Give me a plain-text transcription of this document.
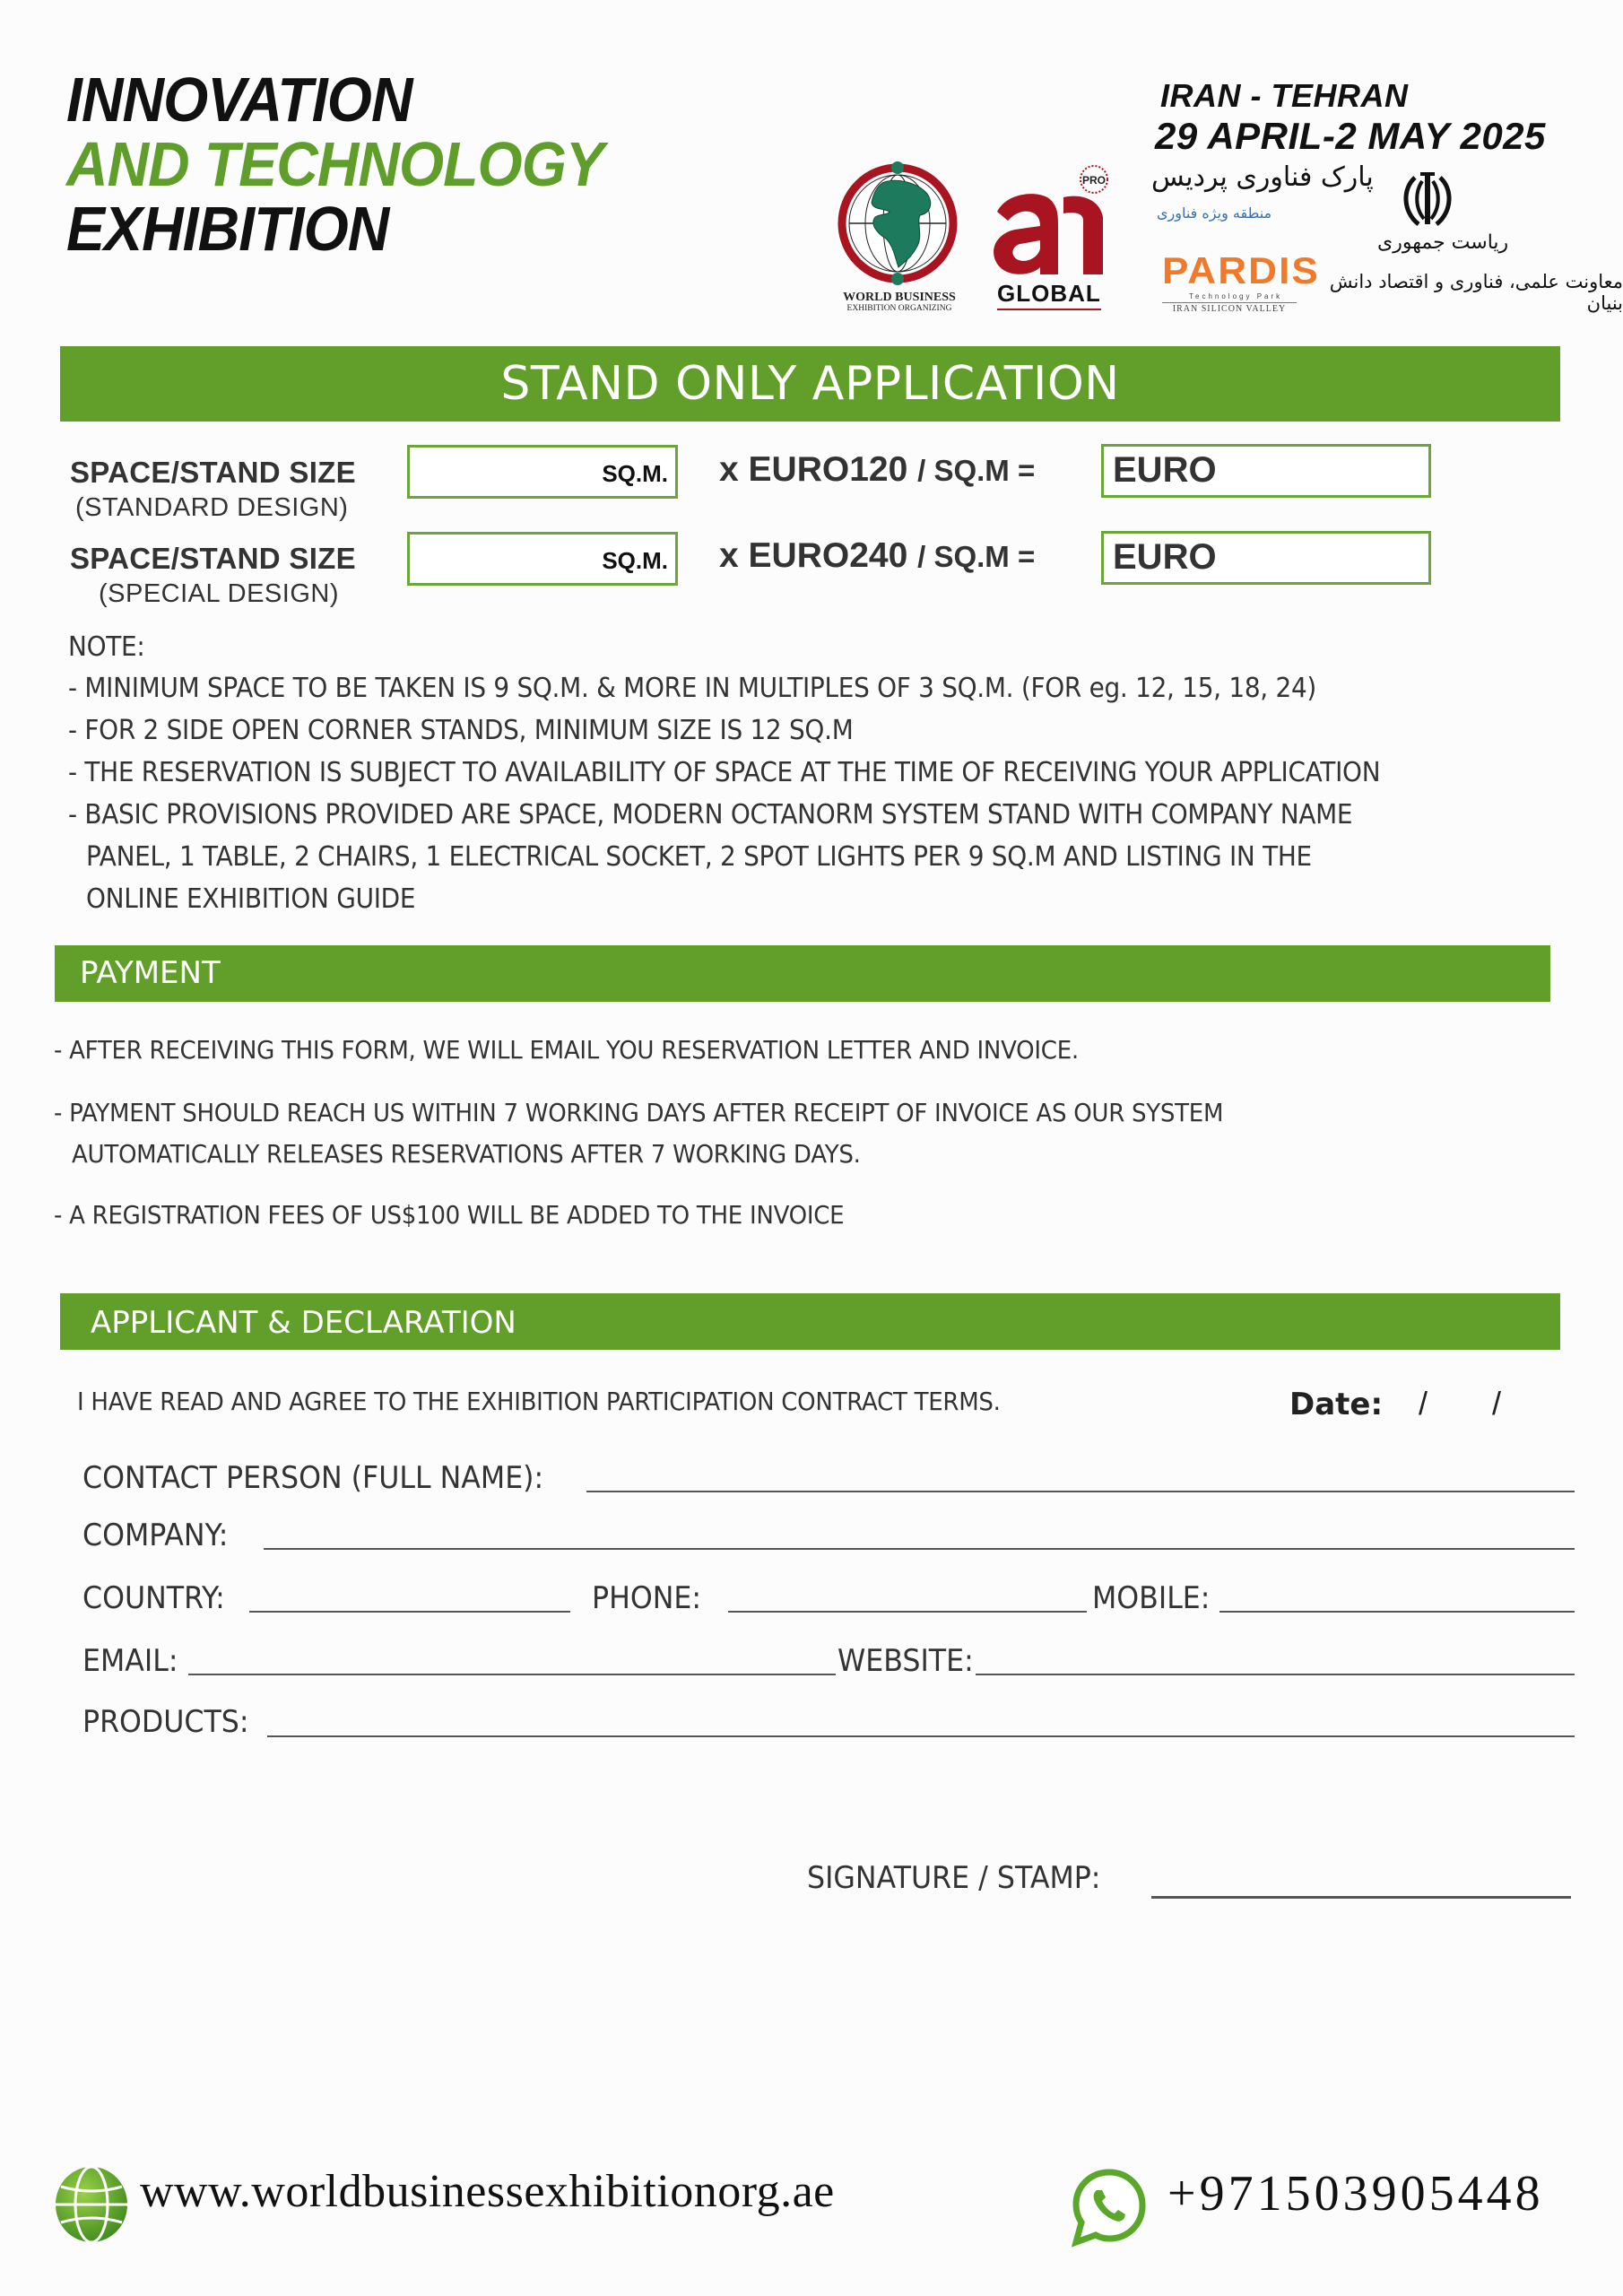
INNOVATION
AND TECHNOLOGY
EXHIBITION
IRAN - TEHRAN
29 APRIL-2 MAY 2025
WORLD BUSINESS
EXHIBITION ORGANIZING
PRO
GLOBAL
پارک فناوری پردیس
منطقه ویژه فناوری
PARDIS
Technology Park
IRAN SILICON VALLEY
ریاست جمهوری
معاونت علمی، فناوری و اقتصاد دانش بنیان
STAND ONLY APPLICATION
SPACE/STAND SIZE
(STANDARD DESIGN)
SQ.M. x EURO120 / SQ.M = EURO
SPACE/STAND SIZE
(SPECIAL DESIGN)
SQ.M. x EURO240 / SQ.M = EURO
NOTE:
- MINIMUM SPACE TO BE TAKEN IS 9 SQ.M. & MORE IN MULTIPLES OF 3 SQ.M. (FOR eg. 12, 15, 18, 24)
- FOR 2 SIDE OPEN CORNER STANDS, MINIMUM SIZE IS 12 SQ.M
- THE RESERVATION IS SUBJECT TO AVAILABILITY OF SPACE AT THE TIME OF RECEIVING YOUR APPLICATION
- BASIC PROVISIONS PROVIDED ARE SPACE, MODERN OCTANORM SYSTEM STAND WITH COMPANY NAME
PANEL, 1 TABLE, 2 CHAIRS, 1 ELECTRICAL SOCKET, 2 SPOT LIGHTS PER 9 SQ.M AND LISTING IN THE
ONLINE EXHIBITION GUIDE
PAYMENT
- AFTER RECEIVING THIS FORM, WE WILL EMAIL YOU RESERVATION LETTER AND INVOICE.
- PAYMENT SHOULD REACH US WITHIN 7 WORKING DAYS AFTER RECEIPT OF INVOICE AS OUR SYSTEM
AUTOMATICALLY RELEASES RESERVATIONS AFTER 7 WORKING DAYS.
- A REGISTRATION FEES OF US$100 WILL BE ADDED TO THE INVOICE
APPLICANT & DECLARATION
I HAVE READ AND AGREE TO THE EXHIBITION PARTICIPATION CONTRACT TERMS.	Date: / /
CONTACT PERSON (FULL NAME):
COMPANY:
COUNTRY:	PHONE:	MOBILE:
EMAIL:	WEBSITE:
PRODUCTS:
SIGNATURE / STAMP:
www.worldbusinessexhibitionorg.ae	+971503905448
